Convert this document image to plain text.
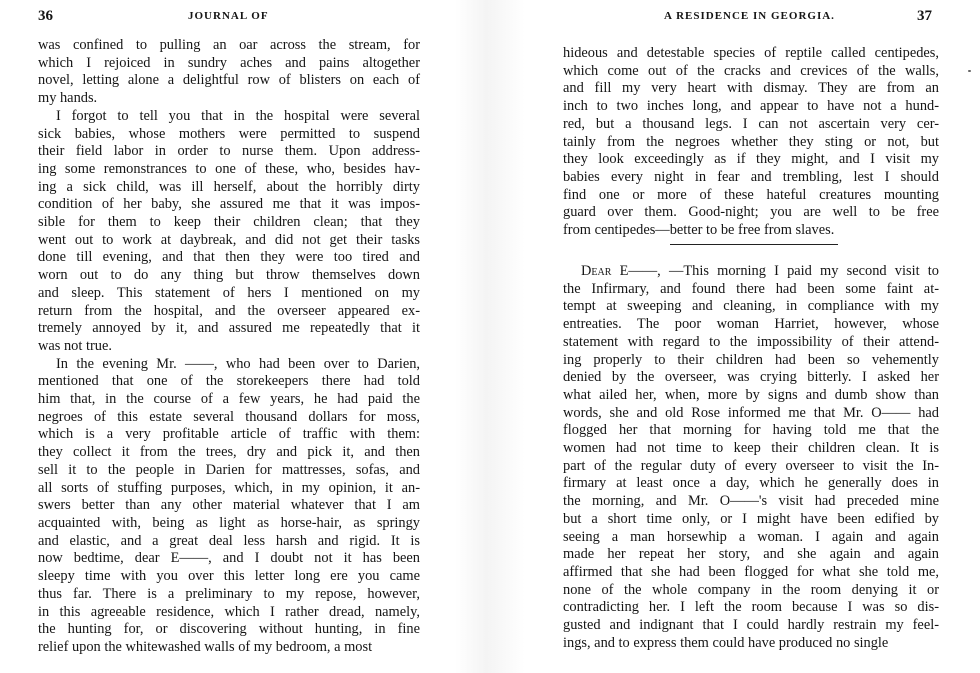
36	JOURNAL OF
was confined to pulling an oar across the stream, for
which I rejoiced in sundry aches and pains altogether
novel, letting alone a delightful row of blisters on each of
my hands.
I forgot to tell you that in the hospital were several
sick babies, whose mothers were permitted to suspend
their field labor in order to nurse them. Upon address-
ing some remonstrances to one of these, who, besides hav-
ing a sick child, was ill herself, about the horribly dirty
condition of her baby, she assured me that it was impos-
sible for them to keep their children clean; that they
went out to work at daybreak, and did not get their tasks
done till evening, and that then they were too tired and
worn out to do any thing but throw themselves down
and sleep. This statement of hers I mentioned on my
return from the hospital, and the overseer appeared ex-
tremely annoyed by it, and assured me repeatedly that it
was not true.
In the evening Mr. ——, who had been over to Darien,
mentioned that one of the storekeepers there had told
him that, in the course of a few years, he had paid the
negroes of this estate several thousand dollars for moss,
which is a very profitable article of traffic with them:
they collect it from the trees, dry and pick it, and then
sell it to the people in Darien for mattresses, sofas, and
all sorts of stuffing purposes, which, in my opinion, it an-
swers better than any other material whatever that I am
acquainted with, being as light as horse-hair, as springy
and elastic, and a great deal less harsh and rigid. It is
now bedtime, dear E——, and I doubt not it has been
sleepy time with you over this letter long ere you came
thus far. There is a preliminary to my repose, however,
in this agreeable residence, which I rather dread, namely,
the hunting for, or discovering without hunting, in fine
relief upon the whitewashed walls of my bedroom, a most
A RESIDENCE IN GEORGIA.	37
hideous and detestable species of reptile called centipedes,
which come out of the cracks and crevices of the walls,
and fill my very heart with dismay. They are from an
inch to two inches long, and appear to have not a hund-
red, but a thousand legs. I can not ascertain very cer-
tainly from the negroes whether they sting or not, but
they look exceedingly as if they might, and I visit my
babies every night in fear and trembling, lest I should
find one or more of these hateful creatures mounting
guard over them. Good-night; you are well to be free
from centipedes—better to be free from slaves.
Dear E——, —This morning I paid my second visit to
the Infirmary, and found there had been some faint at-
tempt at sweeping and cleaning, in compliance with my
entreaties. The poor woman Harriet, however, whose
statement with regard to the impossibility of their attend-
ing properly to their children had been so vehemently
denied by the overseer, was crying bitterly. I asked her
what ailed her, when, more by signs and dumb show than
words, she and old Rose informed me that Mr. O—— had
flogged her that morning for having told me that the
women had not time to keep their children clean. It is
part of the regular duty of every overseer to visit the In-
firmary at least once a day, which he generally does in
the morning, and Mr. O——'s visit had preceded mine
but a short time only, or I might have been edified by
seeing a man horsewhip a woman. I again and again
made her repeat her story, and she again and again
affirmed that she had been flogged for what she told me,
none of the whole company in the room denying it or
contradicting her. I left the room because I was so dis-
gusted and indignant that I could hardly restrain my feel-
ings, and to express them could have produced no single
